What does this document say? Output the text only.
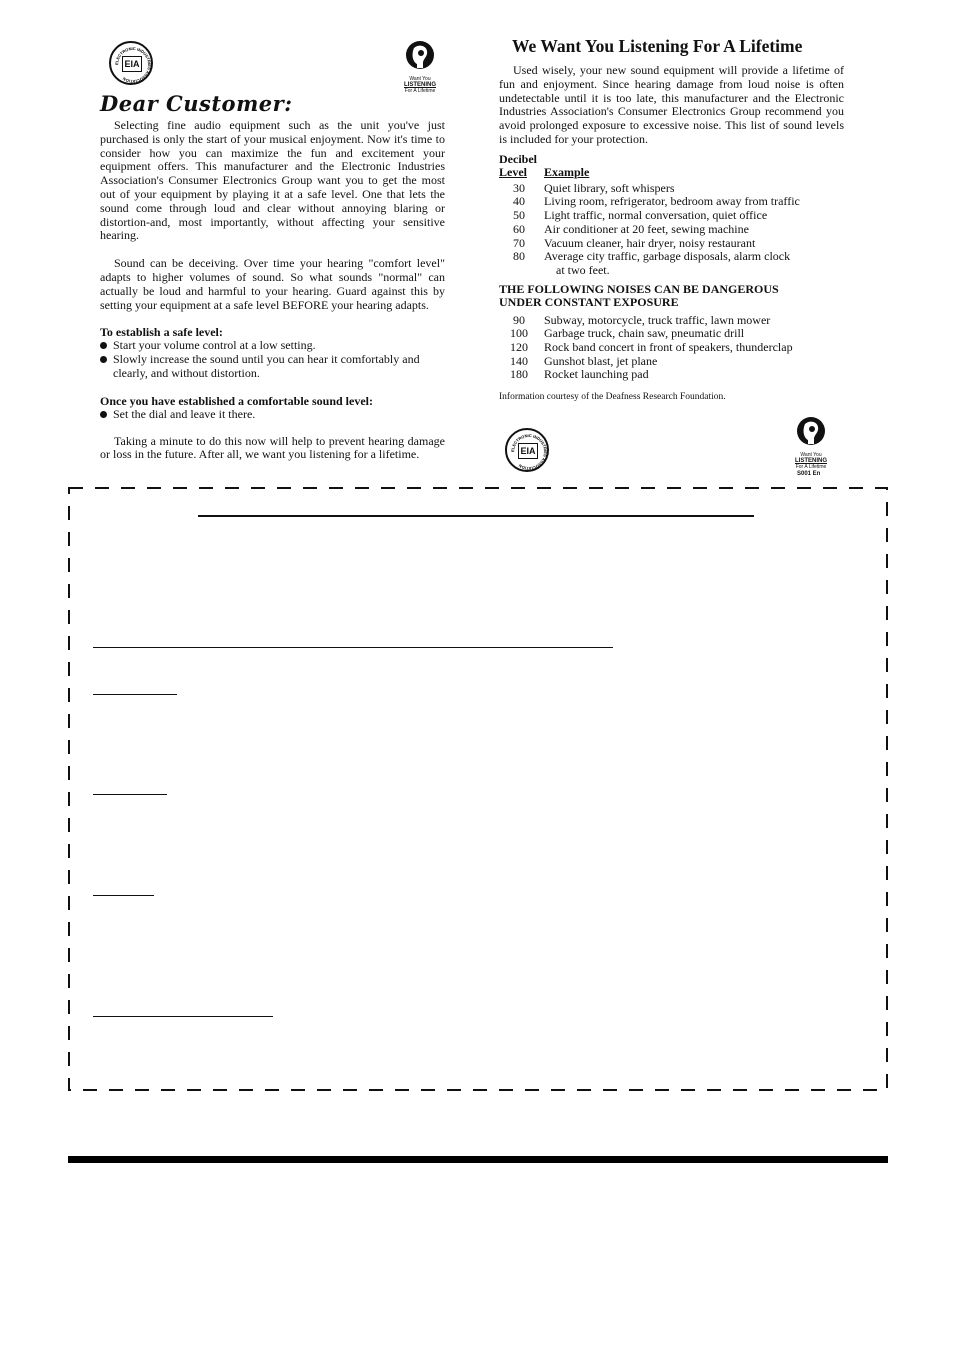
ELECTRONIC INDUSTRIES ASSOCIATION
EIA
Want You
LISTENING
For A Lifetime
Dear Customer:

Selecting fine audio equipment such as the unit you've just purchased is only the start of your musical enjoyment. Now it's time to consider how you can maximize the fun and excitement your equipment offers. This manufacturer and the Electronic Industries Association's Consumer Electronics Group want you to get the most out of your equipment by playing it at a safe level. One that lets the sound come through loud and clear without annoying blaring or distortion-and, most importantly, without affecting your sensitive hearing.

Sound can be deceiving. Over time your hearing "comfort level" adapts to higher volumes of sound. So what sounds "normal" can actually be loud and harmful to your hearing. Guard against this by setting your equipment at a safe level BEFORE your hearing adapts.

To establish a safe level:

Start your volume control at a low setting.
Slowly increase the sound until you can hear it comfortably and clearly, and without distortion.

Once you have established a comfortable sound level:

Set the dial and leave it there.

Taking a minute to do this now will help to prevent hearing damage or loss in the future. After all, we want you listening for a lifetime.

We Want You Listening For A Lifetime

Used wisely, your new sound equipment will provide a lifetime of fun and enjoyment. Since hearing damage from loud noise is often undetectable until it is too late, this manufacturer and the Electronic Industries Association's Consumer Electronics Group recommend you avoid prolonged exposure to excessive noise. This list of sound levels is included for your protection.

Decibel

Level Example
30	Quiet library, soft whispers
40	Living room, refrigerator, bedroom away from traffic
50	Light traffic, normal conversation, quiet office
60	Air conditioner at 20 feet, sewing machine
70	Vacuum cleaner, hair dryer, noisy restaurant
80	Average city traffic, garbage disposals, alarm clock
at two feet.

THE FOLLOWING NOISES CAN BE DANGEROUS
UNDER CONSTANT EXPOSURE

90	Subway, motorcycle, truck traffic, lawn mower
100	Garbage truck, chain saw, pneumatic drill
120	Rock band concert in front of speakers, thunderclap
140	Gunshot blast, jet plane
180	Rocket launching pad

Information courtesy of the Deafness Research Foundation.

ELECTRONIC INDUSTRIES ASSOCIATION
EIA	Want You
LISTENING
For A Lifetime
S001 En
